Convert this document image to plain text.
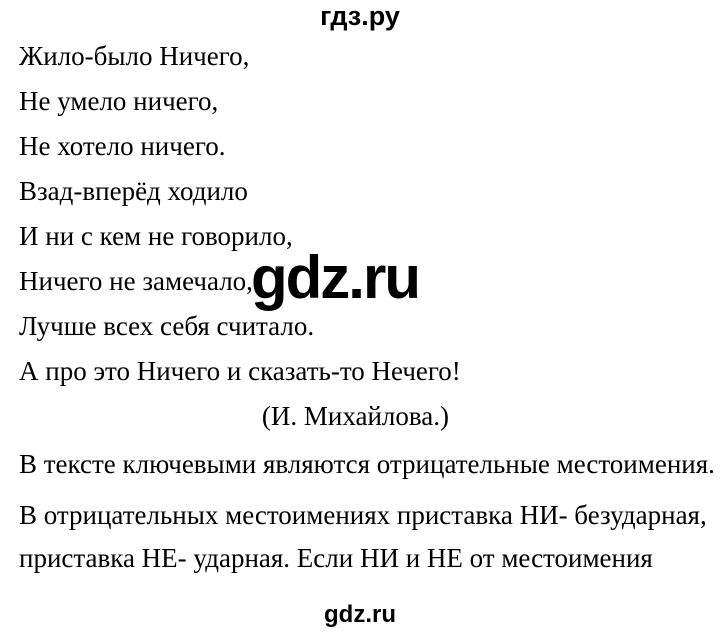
гдз.ру
Жило-было Ничего,
Не умело ничего,
Не хотело ничего.
Взад-вперёд ходило
И ни с кем не говорило,
Ничего не замечало,
Лучше всех себя считало.
А про это Ничего и сказать-то Нечего!
(И. Михайлова.)
gdz.ru
В тексте ключевыми являются отрицательные местоимения.
В отрицательных местоимениях приставка НИ- безударная,
приставка НЕ- ударная. Если НИ и НЕ от местоимения
gdz.ru
